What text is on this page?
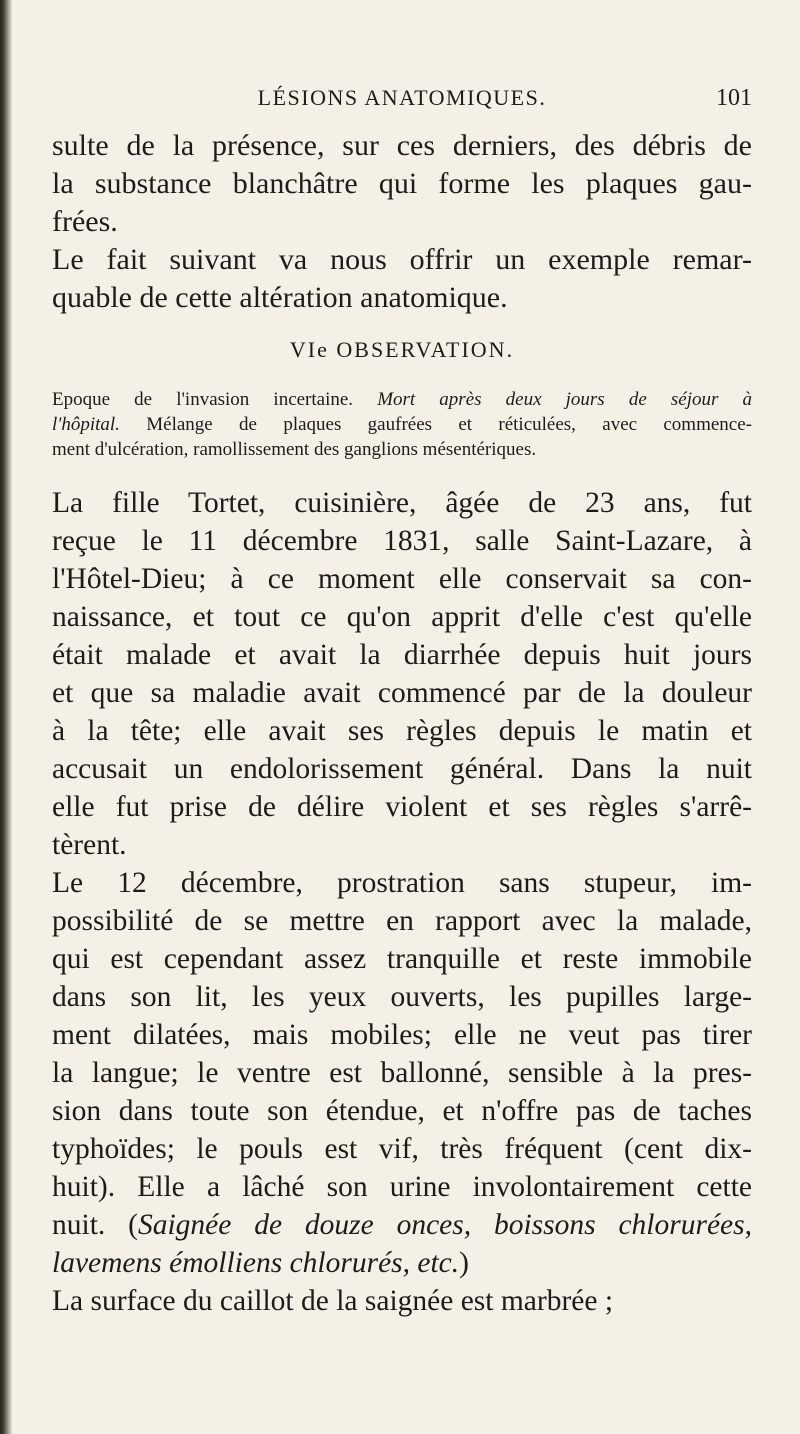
LÉSIONS ANATOMIQUES.	101
sulte de la présence, sur ces derniers, des débris de
la substance blanchâtre qui forme les plaques gau-
frées.
Le fait suivant va nous offrir un exemple remar-
quable de cette altération anatomique.
VIe OBSERVATION.
Epoque de l'invasion incertaine. Mort après deux jours de séjour à
l'hôpital. Mélange de plaques gaufrées et réticulées, avec commence-
ment d'ulcération, ramollissement des ganglions mésentériques.
La fille Tortet, cuisinière, âgée de 23 ans, fut
reçue le 11 décembre 1831, salle Saint-Lazare, à
l'Hôtel-Dieu; à ce moment elle conservait sa con-
naissance, et tout ce qu'on apprit d'elle c'est qu'elle
était malade et avait la diarrhée depuis huit jours
et que sa maladie avait commencé par de la douleur
à la tête; elle avait ses règles depuis le matin et
accusait un endolorissement général. Dans la nuit
elle fut prise de délire violent et ses règles s'arrê-
tèrent.
Le 12 décembre, prostration sans stupeur, im-
possibilité de se mettre en rapport avec la malade,
qui est cependant assez tranquille et reste immobile
dans son lit, les yeux ouverts, les pupilles large-
ment dilatées, mais mobiles; elle ne veut pas tirer
la langue; le ventre est ballonné, sensible à la pres-
sion dans toute son étendue, et n'offre pas de taches
typhoïdes; le pouls est vif, très fréquent (cent dix-
huit). Elle a lâché son urine involontairement cette
nuit. (Saignée de douze onces, boissons chlorurées,
lavemens émolliens chlorurés, etc.)
La surface du caillot de la saignée est marbrée ;
